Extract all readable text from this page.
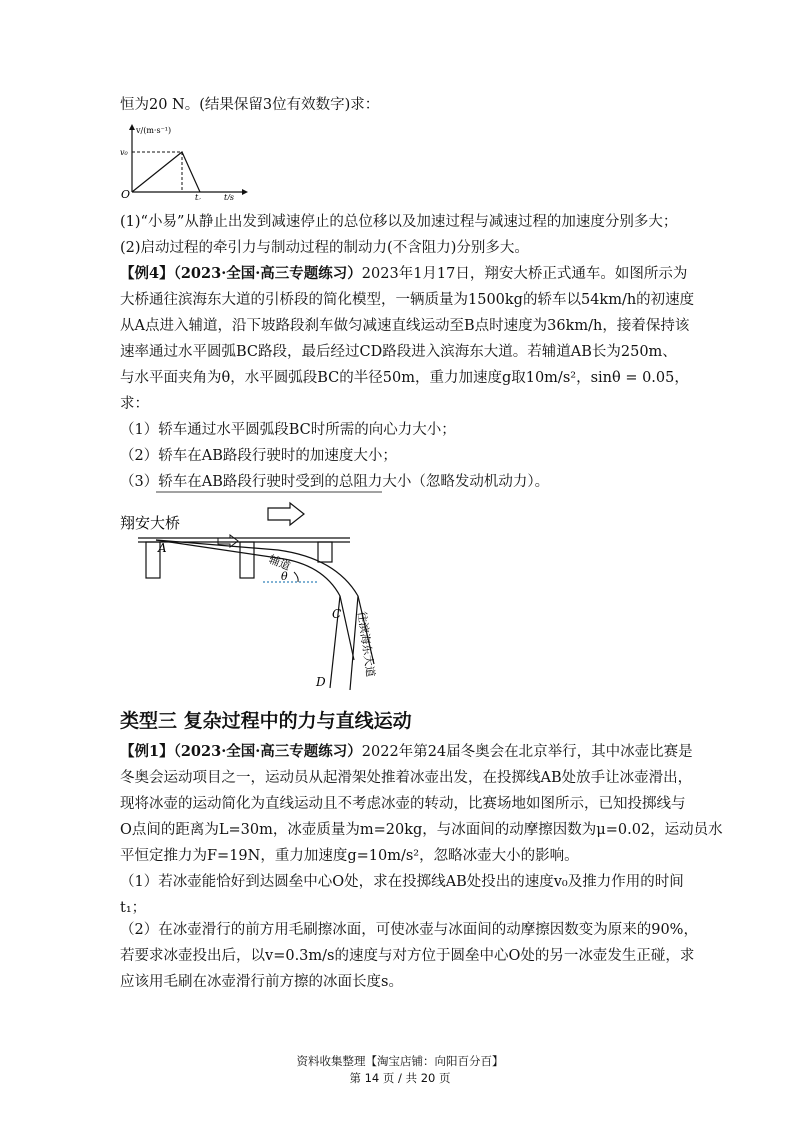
恒为20 N。(结果保留3位有效数字)求：
v/(m·s⁻¹)
v₀
O	t꜀	t/s
(1)“小易”从静止出发到减速停止的总位移以及加速过程与减速过程的加速度分别多大；
(2)启动过程的牵引力与制动过程的制动力(不含阻力)分别多大。
【例4】（2023·全国·高三专题练习）2023年1月17日，翔安大桥正式通车。如图所示为
大桥通往滨海东大道的引桥段的简化模型，一辆质量为1500kg的轿车以54km/h的初速度
从A点进入辅道，沿下坡路段刹车做匀减速直线运动至B点时速度为36km/h，接着保持该
速率通过水平圆弧BC路段，最后经过CD路段进入滨海东大道。若辅道AB长为250m、
与水平面夹角为θ，水平圆弧段BC的半径50m，重力加速度g取10m/s²，sinθ = 0.05，
求：
（1）轿车通过水平圆弧段BC时所需的向心力大小；
（2）轿车在AB路段行驶时的加速度大小；
（3）轿车在AB路段行驶时受到的总阻力大小（忽略发动机动力）。
翔安大桥
θ
辅道
往滨海东大道
A
C
D
类型三 复杂过程中的力与直线运动
【例1】（2023·全国·高三专题练习）2022年第24届冬奥会在北京举行，其中冰壶比赛是
冬奥会运动项目之一，运动员从起滑架处推着冰壶出发，在投掷线AB处放手让冰壶滑出，
现将冰壶的运动简化为直线运动且不考虑冰壶的转动，比赛场地如图所示，已知投掷线与
O点间的距离为L=30m，冰壶质量为m=20kg，与冰面间的动摩擦因数为μ=0.02，运动员水
平恒定推力为F=19N，重力加速度g=10m/s²，忽略冰壶大小的影响。
（1）若冰壶能恰好到达圆垒中心O处，求在投掷线AB处投出的速度v₀及推力作用的时间
t₁；
（2）在冰壶滑行的前方用毛刷擦冰面，可使冰壶与冰面间的动摩擦因数变为原来的90%，
若要求冰壶投出后，以v=0.3m/s的速度与对方位于圆垒中心O处的另一冰壶发生正碰，求
应该用毛刷在冰壶滑行前方擦的冰面长度s。
资料收集整理【淘宝店铺：向阳百分百】
第 14 页 / 共 20 页
